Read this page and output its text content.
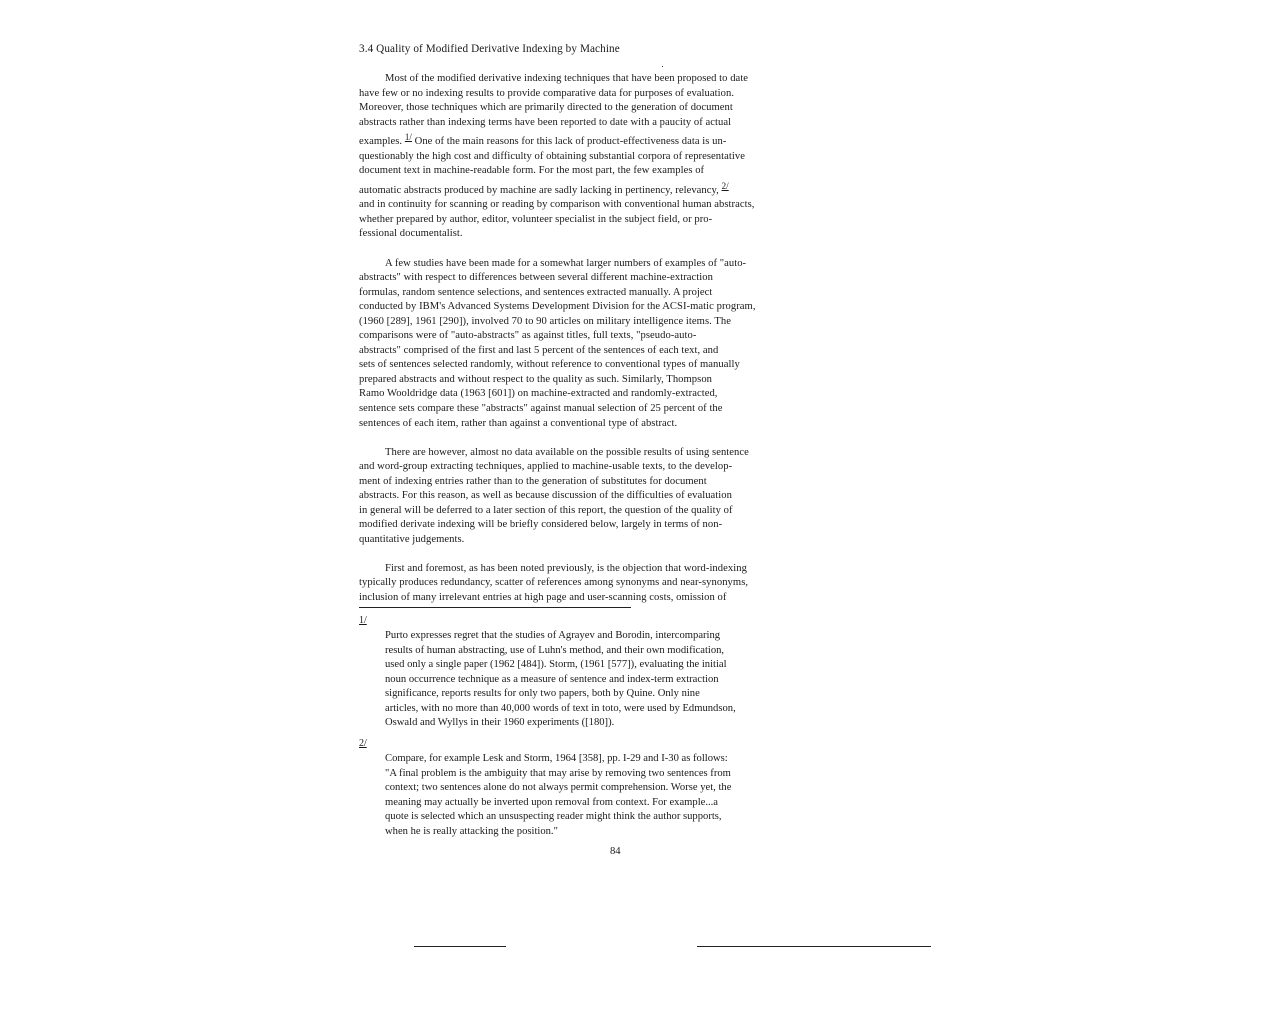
3.4 Quality of Modified Derivative Indexing by Machine
Most of the modified derivative indexing techniques that have been proposed to date
have few or no indexing results to provide comparative data for purposes of evaluation.
Moreover, those techniques which are primarily directed to the generation of document
abstracts rather than indexing terms have been reported to date with a paucity of actual
examples. $^{1/}$ One of the main reasons for this lack of product-effectiveness data is un-
questionably the high cost and difficulty of obtaining substantial corpora of representative
document text in machine-readable form. For the most part, the few examples of
automatic abstracts produced by machine are sadly lacking in pertinency, relevancy, $^{2/}$
and in continuity for scanning or reading by comparison with conventional human abstracts,
whether prepared by author, editor, volunteer specialist in the subject field, or pro-
fessional documentalist.
A few studies have been made for a somewhat larger numbers of examples of "auto-
abstracts" with respect to differences between several different machine-extraction
formulas, random sentence selections, and sentences extracted manually. A project
conducted by IBM's Advanced Systems Development Division for the ACSI-matic program,
(1960 [289], 1961 [290]), involved 70 to 90 articles on military intelligence items. The
comparisons were of "auto-abstracts" as against titles, full texts, "pseudo-auto-
abstracts" comprised of the first and last 5 percent of the sentences of each text, and
sets of sentences selected randomly, without reference to conventional types of manually
prepared abstracts and without respect to the quality as such. Similarly, Thompson
Ramo Wooldridge data (1963 [601]) on machine-extracted and randomly-extracted,
sentence sets compare these "abstracts" against manual selection of 25 percent of the
sentences of each item, rather than against a conventional type of abstract.
There are however, almost no data available on the possible results of using sentence
and word-group extracting techniques, applied to machine-usable texts, to the develop-
ment of indexing entries rather than to the generation of substitutes for document
abstracts. For this reason, as well as because discussion of the difficulties of evaluation
in general will be deferred to a later section of this report, the question of the quality of
modified derivate indexing will be briefly considered below, largely in terms of non-
quantitative judgements.
First and foremost, as has been noted previously, is the objection that word-indexing
typically produces redundancy, scatter of references among synonyms and near-synonyms,
inclusion of many irrelevant entries at high page and user-scanning costs, omission of
1/
Purto expresses regret that the studies of Agrayev and Borodin, intercomparing
results of human abstracting, use of Luhn's method, and their own modification,
used only a single paper (1962 [484]). Storm, (1961 [577]), evaluating the initial
noun occurrence technique as a measure of sentence and index-term extraction
significance, reports results for only two papers, both by Quine. Only nine
articles, with no more than 40,000 words of text in toto, were used by Edmundson,
Oswald and Wyllys in their 1960 experiments ([180]).
2/
Compare, for example Lesk and Storm, 1964 [358], pp. I-29 and I-30 as follows:
"A final problem is the ambiguity that may arise by removing two sentences from
context; two sentences alone do not always permit comprehension. Worse yet, the
meaning may actually be inverted upon removal from context. For example...a
quote is selected which an unsuspecting reader might think the author supports,
when he is really attacking the position."
84
